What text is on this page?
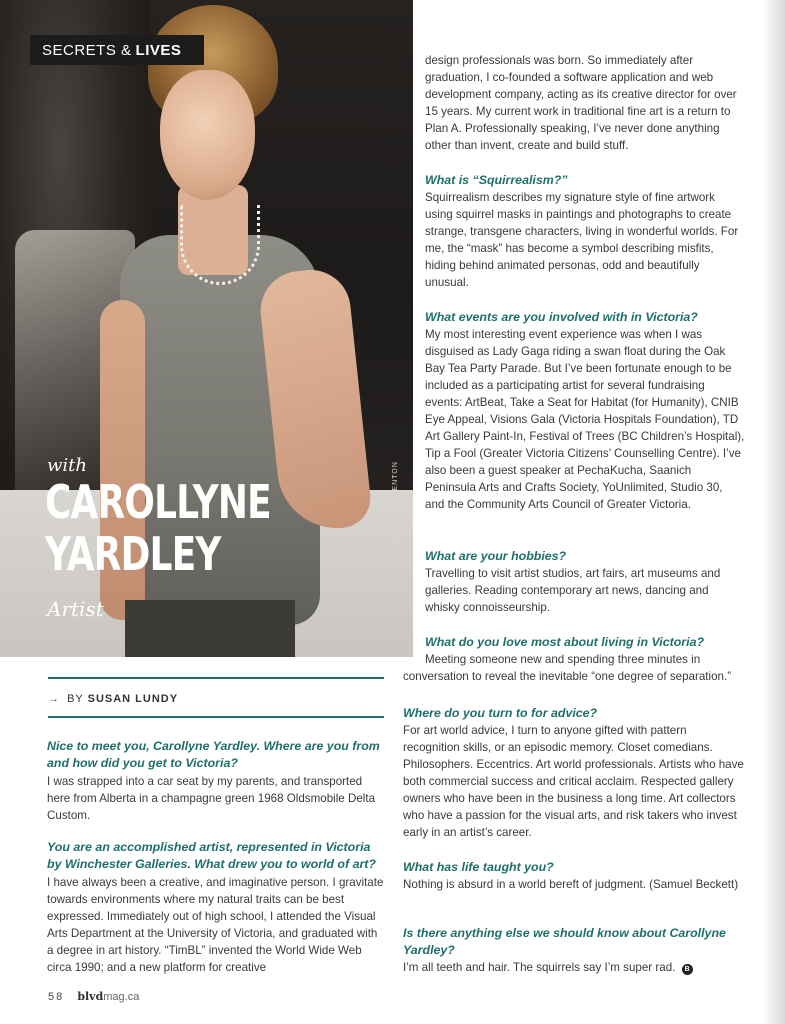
SECRETS & LIVES
with
CAROLLYNE
YARDLEY
Artist
PHOTO BY DON DENTON
→ BY SUSAN LUNDY
Nice to meet you, Carollyne Yardley. Where are you from and how did you get to Victoria?
I was strapped into a car seat by my parents, and transported here from Alberta in a champagne green 1968 Oldsmobile Delta Custom.
You are an accomplished artist, represented in Victoria by Winchester Galleries. What drew you to world of art?
I have always been a creative, and imaginative person. I gravitate towards environments where my natural traits can be best expressed. Immediately out of high school, I attended the Visual Arts Department at the University of Victoria, and graduated with a degree in art history. “TimBL” invented the World Wide Web circa 1990; and a new platform for creative
design professionals was born. So immediately after graduation, I co-founded a software application and web development company, acting as its creative director for over 15 years. My current work in traditional fine art is a return to Plan A. Professionally speaking, I’ve never done anything other than invent, create and build stuff.
What is “Squirrealism?”
Squirrealism describes my signature style of fine artwork using squirrel masks in paintings and photographs to create strange, transgene characters, living in wonderful worlds. For me, the “mask” has become a symbol describing misfits, hiding behind animated personas, odd and beautifully unusual.
What events are you involved with in Victoria?
My most interesting event experience was when I was disguised as Lady Gaga riding a swan float during the Oak Bay Tea Party Parade. But I’ve been fortunate enough to be included as a participating artist for several fundraising events: ArtBeat, Take a Seat for Habitat (for Humanity), CNIB Eye Appeal, Visions Gala (Victoria Hospitals Foundation), TD Art Gallery Paint-In, Festival of Trees (BC Children’s Hospital), Tip a Fool (Greater Victoria Citizens’ Counselling Centre). I’ve also been a guest speaker at PechaKucha, Saanich Peninsula Arts and Crafts Society, YoUnlimited, Studio 30, and the Community Arts Council of Greater Victoria.
What are your hobbies?
Travelling to visit artist studios, art fairs, art museums and galleries. Reading contemporary art news, dancing and whisky connoisseurship.
What do you love most about living in Victoria?
Meeting someone new and spending three minutes in conversation to reveal the inevitable “one degree of separation.”
Where do you turn to for advice?
For art world advice, I turn to anyone gifted with pattern recognition skills, or an episodic memory. Closet comedians. Philosophers. Eccentrics. Art world professionals. Artists who have both commercial success and critical acclaim. Respected gallery owners who have been in the business a long time. Art collectors who have a passion for the visual arts, and risk takers who invest early in an artist’s career.
What has life taught you?
Nothing is absurd in a world bereft of judgment. (Samuel Beckett)
Is there anything else we should know about Carollyne Yardley?
I’m all teeth and hair. The squirrels say I’m super rad. B
58 blvdmag.ca
